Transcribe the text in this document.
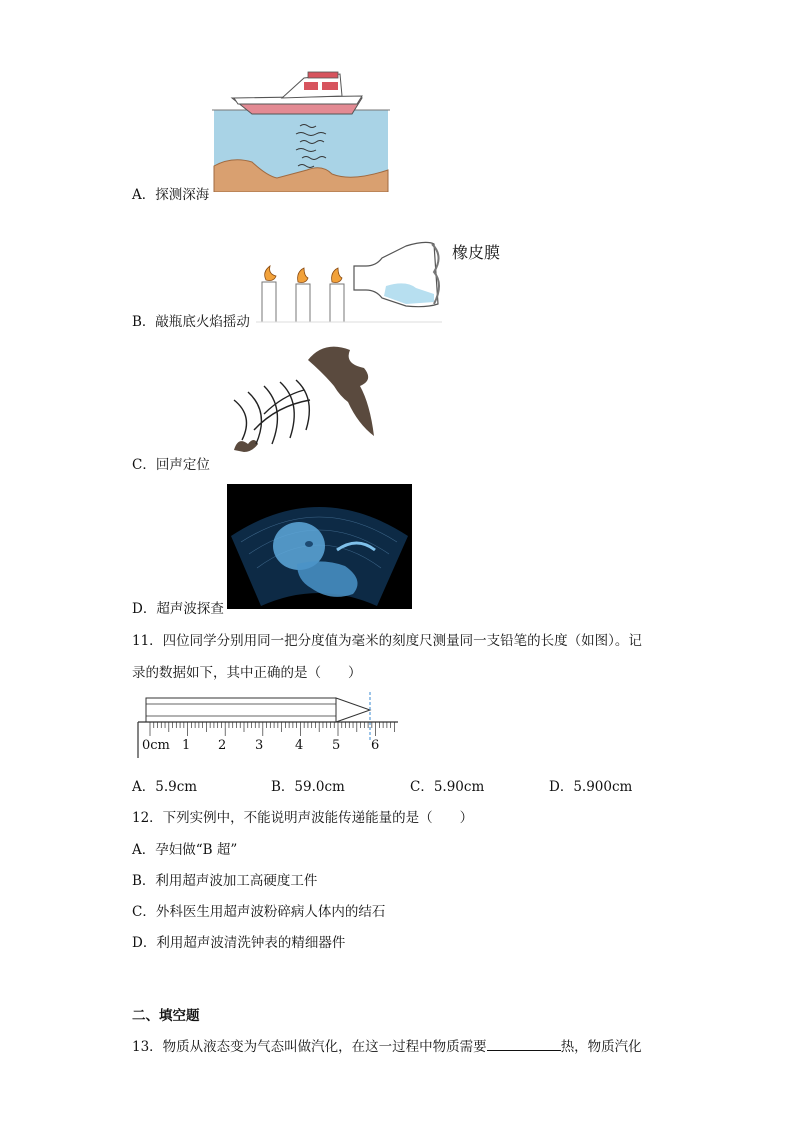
A．探测深海
橡皮膜
B．敲瓶底火焰摇动
C．回声定位
D．超声波探查
11．四位同学分别用同一把分度值为毫米的刻度尺测量同一支铅笔的长度（如图）。记
录的数据如下，其中正确的是（　　）
0cm 1 2 3 4 5 6
A．5.9cm	B．59.0cm	C．5.90cm	D．5.900cm
12．下列实例中，不能说明声波能传递能量的是（　　）
A．孕妇做“B 超”
B．利用超声波加工高硬度工件
C．外科医生用超声波粉碎病人体内的结石
D．利用超声波清洗钟表的精细器件
二、填空题
13．物质从液态变为气态叫做汽化，在这一过程中物质需要	热，物质汽化
